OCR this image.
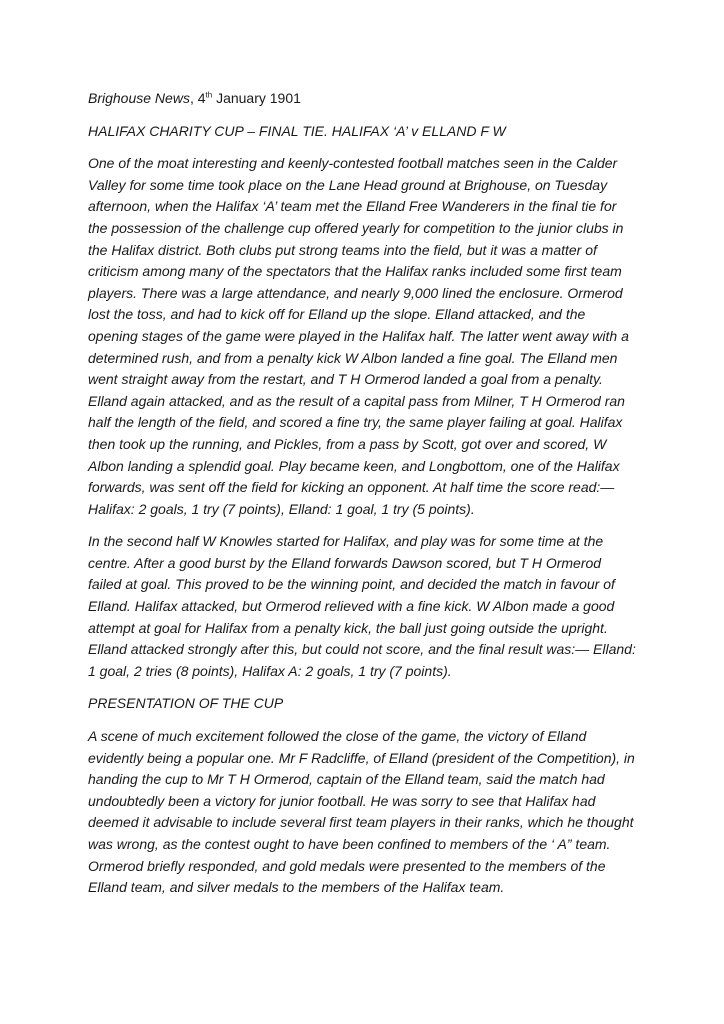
Brighouse News, 4th January 1901

HALIFAX CHARITY CUP – FINAL TIE. HALIFAX ‘A’ v ELLAND F W

One of the moat interesting and keenly-contested football matches seen in the Calder Valley for some time took place on the Lane Head ground at Brighouse, on Tuesday afternoon, when the Halifax ‘A’ team met the Elland Free Wanderers in the final tie for the possession of the challenge cup offered yearly for competition to the junior clubs in the Halifax district. Both clubs put strong teams into the field, but it was a matter of criticism among many of the spectators that the Halifax ranks included some first team players. There was a large attendance, and nearly 9,000 lined the enclosure. Ormerod lost the toss, and had to kick off for Elland up the slope. Elland attacked, and the opening stages of the game were played in the Halifax half. The latter went away with a determined rush, and from a penalty kick W Albon landed a fine goal. The Elland men went straight away from the restart, and T H Ormerod landed a goal from a penalty. Elland again attacked, and as the result of a capital pass from Milner, T H Ormerod ran half the length of the field, and scored a fine try, the same player failing at goal. Halifax then took up the running, and Pickles, from a pass by Scott, got over and scored, W Albon landing a splendid goal. Play became keen, and Longbottom, one of the Halifax forwards, was sent off the field for kicking an opponent. At half time the score read:— Halifax: 2 goals, 1 try (7 points), Elland: 1 goal, 1 try (5 points).

In the second half W Knowles started for Halifax, and play was for some time at the centre. After a good burst by the Elland forwards Dawson scored, but T H Ormerod failed at goal. This proved to be the winning point, and decided the match in favour of Elland. Halifax attacked, but Ormerod relieved with a fine kick. W Albon made a good attempt at goal for Halifax from a penalty kick, the ball just going outside the upright. Elland attacked strongly after this, but could not score, and the final result was:— Elland: 1 goal, 2 tries (8 points), Halifax A: 2 goals, 1 try (7 points).

PRESENTATION OF THE CUP

A scene of much excitement followed the close of the game, the victory of Elland evidently being a popular one. Mr F Radcliffe, of Elland (president of the Competition), in handing the cup to Mr T H Ormerod, captain of the Elland team, said the match had undoubtedly been a victory for junior football. He was sorry to see that Halifax had deemed it advisable to include several first team players in their ranks, which he thought was wrong, as the contest ought to have been confined to members of the ‘ A” team. Ormerod briefly responded, and gold medals were presented to the members of the Elland team, and silver medals to the members of the Halifax team.
